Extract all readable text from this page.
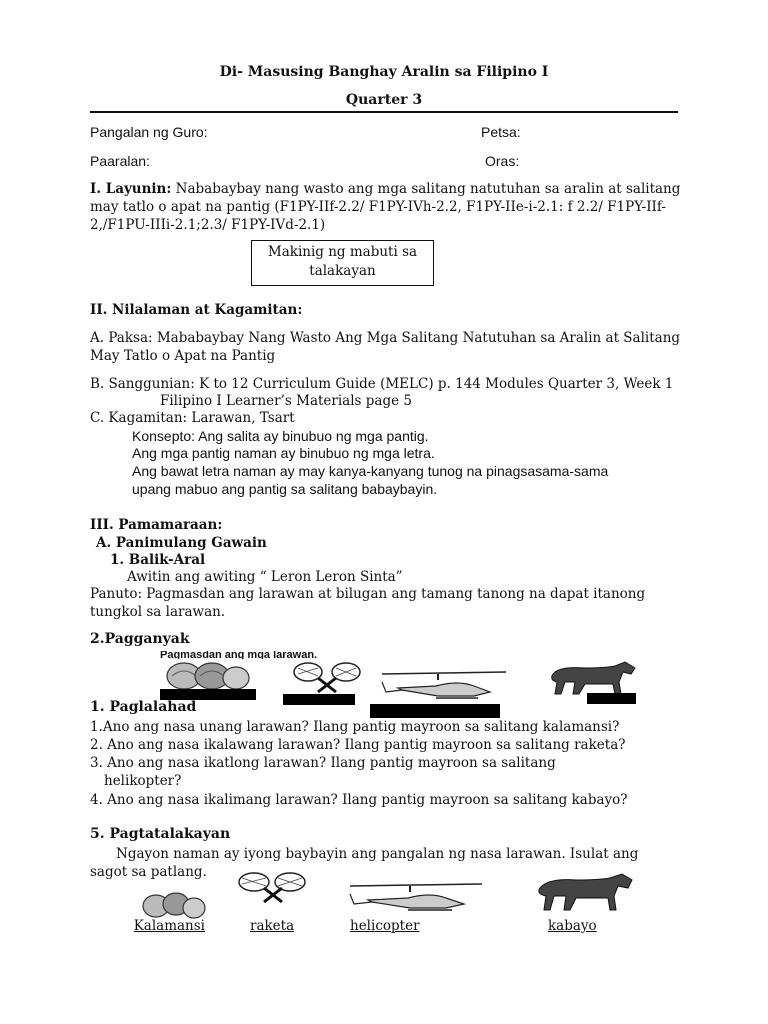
Di- Masusing Banghay Aralin sa Filipino I
Quarter 3
Pangalan ng Guro:	Petsa:
Paaralan:	Oras:
I. Layunin: Nababaybay nang wasto ang mga salitang natutuhan sa aralin at salitang
may tatlo o apat na pantig (F1PY-IIf-2.2/ F1PY-IVh-2.2, F1PY-IIe-i-2.1: f 2.2/ F1PY-IIf-
2,/F1PU-IIIi-2.1;2.3/ F1PY-IVd-2.1)
Makinig ng mabuti sa
talakayan
II. Nilalaman at Kagamitan:
A. Paksa: Mababaybay Nang Wasto Ang Mga Salitang Natutuhan sa Aralin at Salitang
May Tatlo o Apat na Pantig
B. Sanggunian: K to 12 Curriculum Guide (MELC) p. 144 Modules Quarter 3, Week 1
Filipino I Learner’s Materials page 5
C. Kagamitan: Larawan, Tsart
Konsepto: Ang salita ay binubuo ng mga pantig.
Ang mga pantig naman ay binubuo ng mga letra.
Ang bawat letra naman ay may kanya-kanyang tunog na pinagsasama-sama
upang mabuo ang pantig sa salitang babaybayin.
III. Pamamaraan:
A. Panimulang Gawain
1. Balik-Aral
Awitin ang awiting “ Leron Leron Sinta”
Panuto: Pagmasdan ang larawan at bilugan ang tamang tanong na dapat itanong
tungkol sa larawan.
2.Pagganyak
Pagmasdan ang mga larawan.
1. Paglalahad
1.Ano ang nasa unang larawan? Ilang pantig mayroon sa salitang kalamansi?
2. Ano ang nasa ikalawang larawan? Ilang pantig mayroon sa salitang raketa?
3. Ano ang nasa ikatlong larawan? Ilang pantig mayroon sa salitang
helikopter?
4. Ano ang nasa ikalimang larawan? Ilang pantig mayroon sa salitang kabayo?
5. Pagtatalakayan
Ngayon naman ay iyong baybayin ang pangalan ng nasa larawan. Isulat ang
sagot sa patlang.
Kalamansi	raketa	helicopter	kabayo
